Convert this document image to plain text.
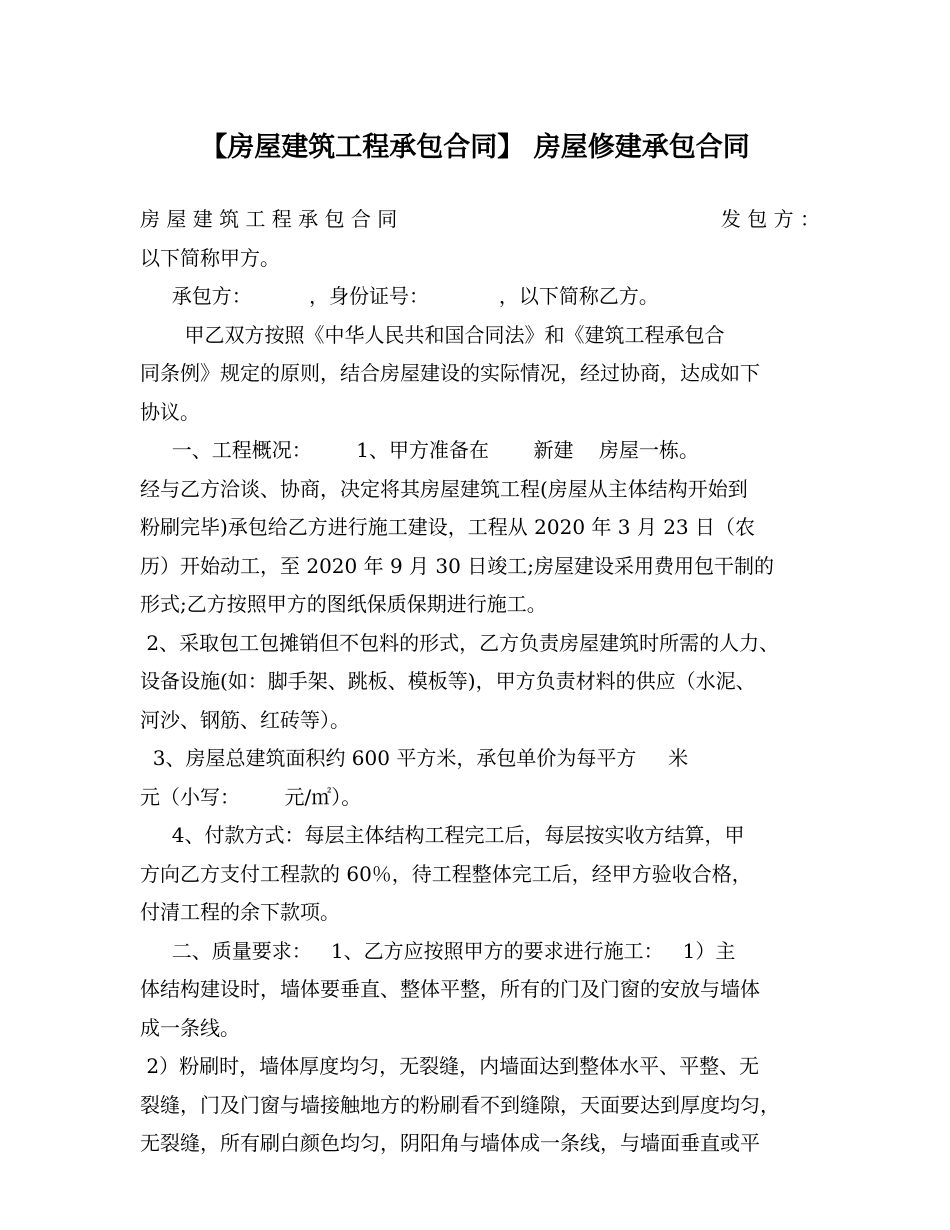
【房屋建筑工程承包合同】 房屋修建承包合同
房 屋 建 筑 工 程 承 包 合 同	发 包 方 ：
以下简称甲方。
承包方：         ，身份证号：           ，以下简称乙方。
甲乙双方按照《中华人民共和国合同法》和《建筑工程承包合
同条例》规定的原则，结合房屋建设的实际情况，经过协商，达成如下
协议。
一、工程概况：       1、甲方准备在       新建    房屋一栋。
经与乙方洽谈、协商，决定将其房屋建筑工程(房屋从主体结构开始到
粉刷完毕)承包给乙方进行施工建设，工程从 2020 年 3 月 23 日（农
历）开始动工，至 2020 年 9 月 30 日竣工;房屋建设采用费用包干制的
形式;乙方按照甲方的图纸保质保期进行施工。
2、采取包工包摊销但不包料的形式，乙方负责房屋建筑时所需的人力、
设备设施(如：脚手架、跳板、模板等)，甲方负责材料的供应（水泥、
河沙、钢筋、红砖等）。
3、房屋总建筑面积约 600 平方米，承包单价为每平方     米
元（小写：       元/㎡）。
4、付款方式：每层主体结构工程完工后，每层按实收方结算，甲
方向乙方支付工程款的 60％，待工程整体完工后，经甲方验收合格，
付清工程的余下款项。
二、质量要求：   1、乙方应按照甲方的要求进行施工：   1）主
体结构建设时，墙体要垂直、整体平整，所有的门及门窗的安放与墙体
成一条线。
2）粉刷时，墙体厚度均匀，无裂缝，内墙面达到整体水平、平整、无
裂缝，门及门窗与墙接触地方的粉刷看不到缝隙，天面要达到厚度均匀，
无裂缝，所有刷白颜色均匀，阴阳角与墙体成一条线，与墙面垂直或平
